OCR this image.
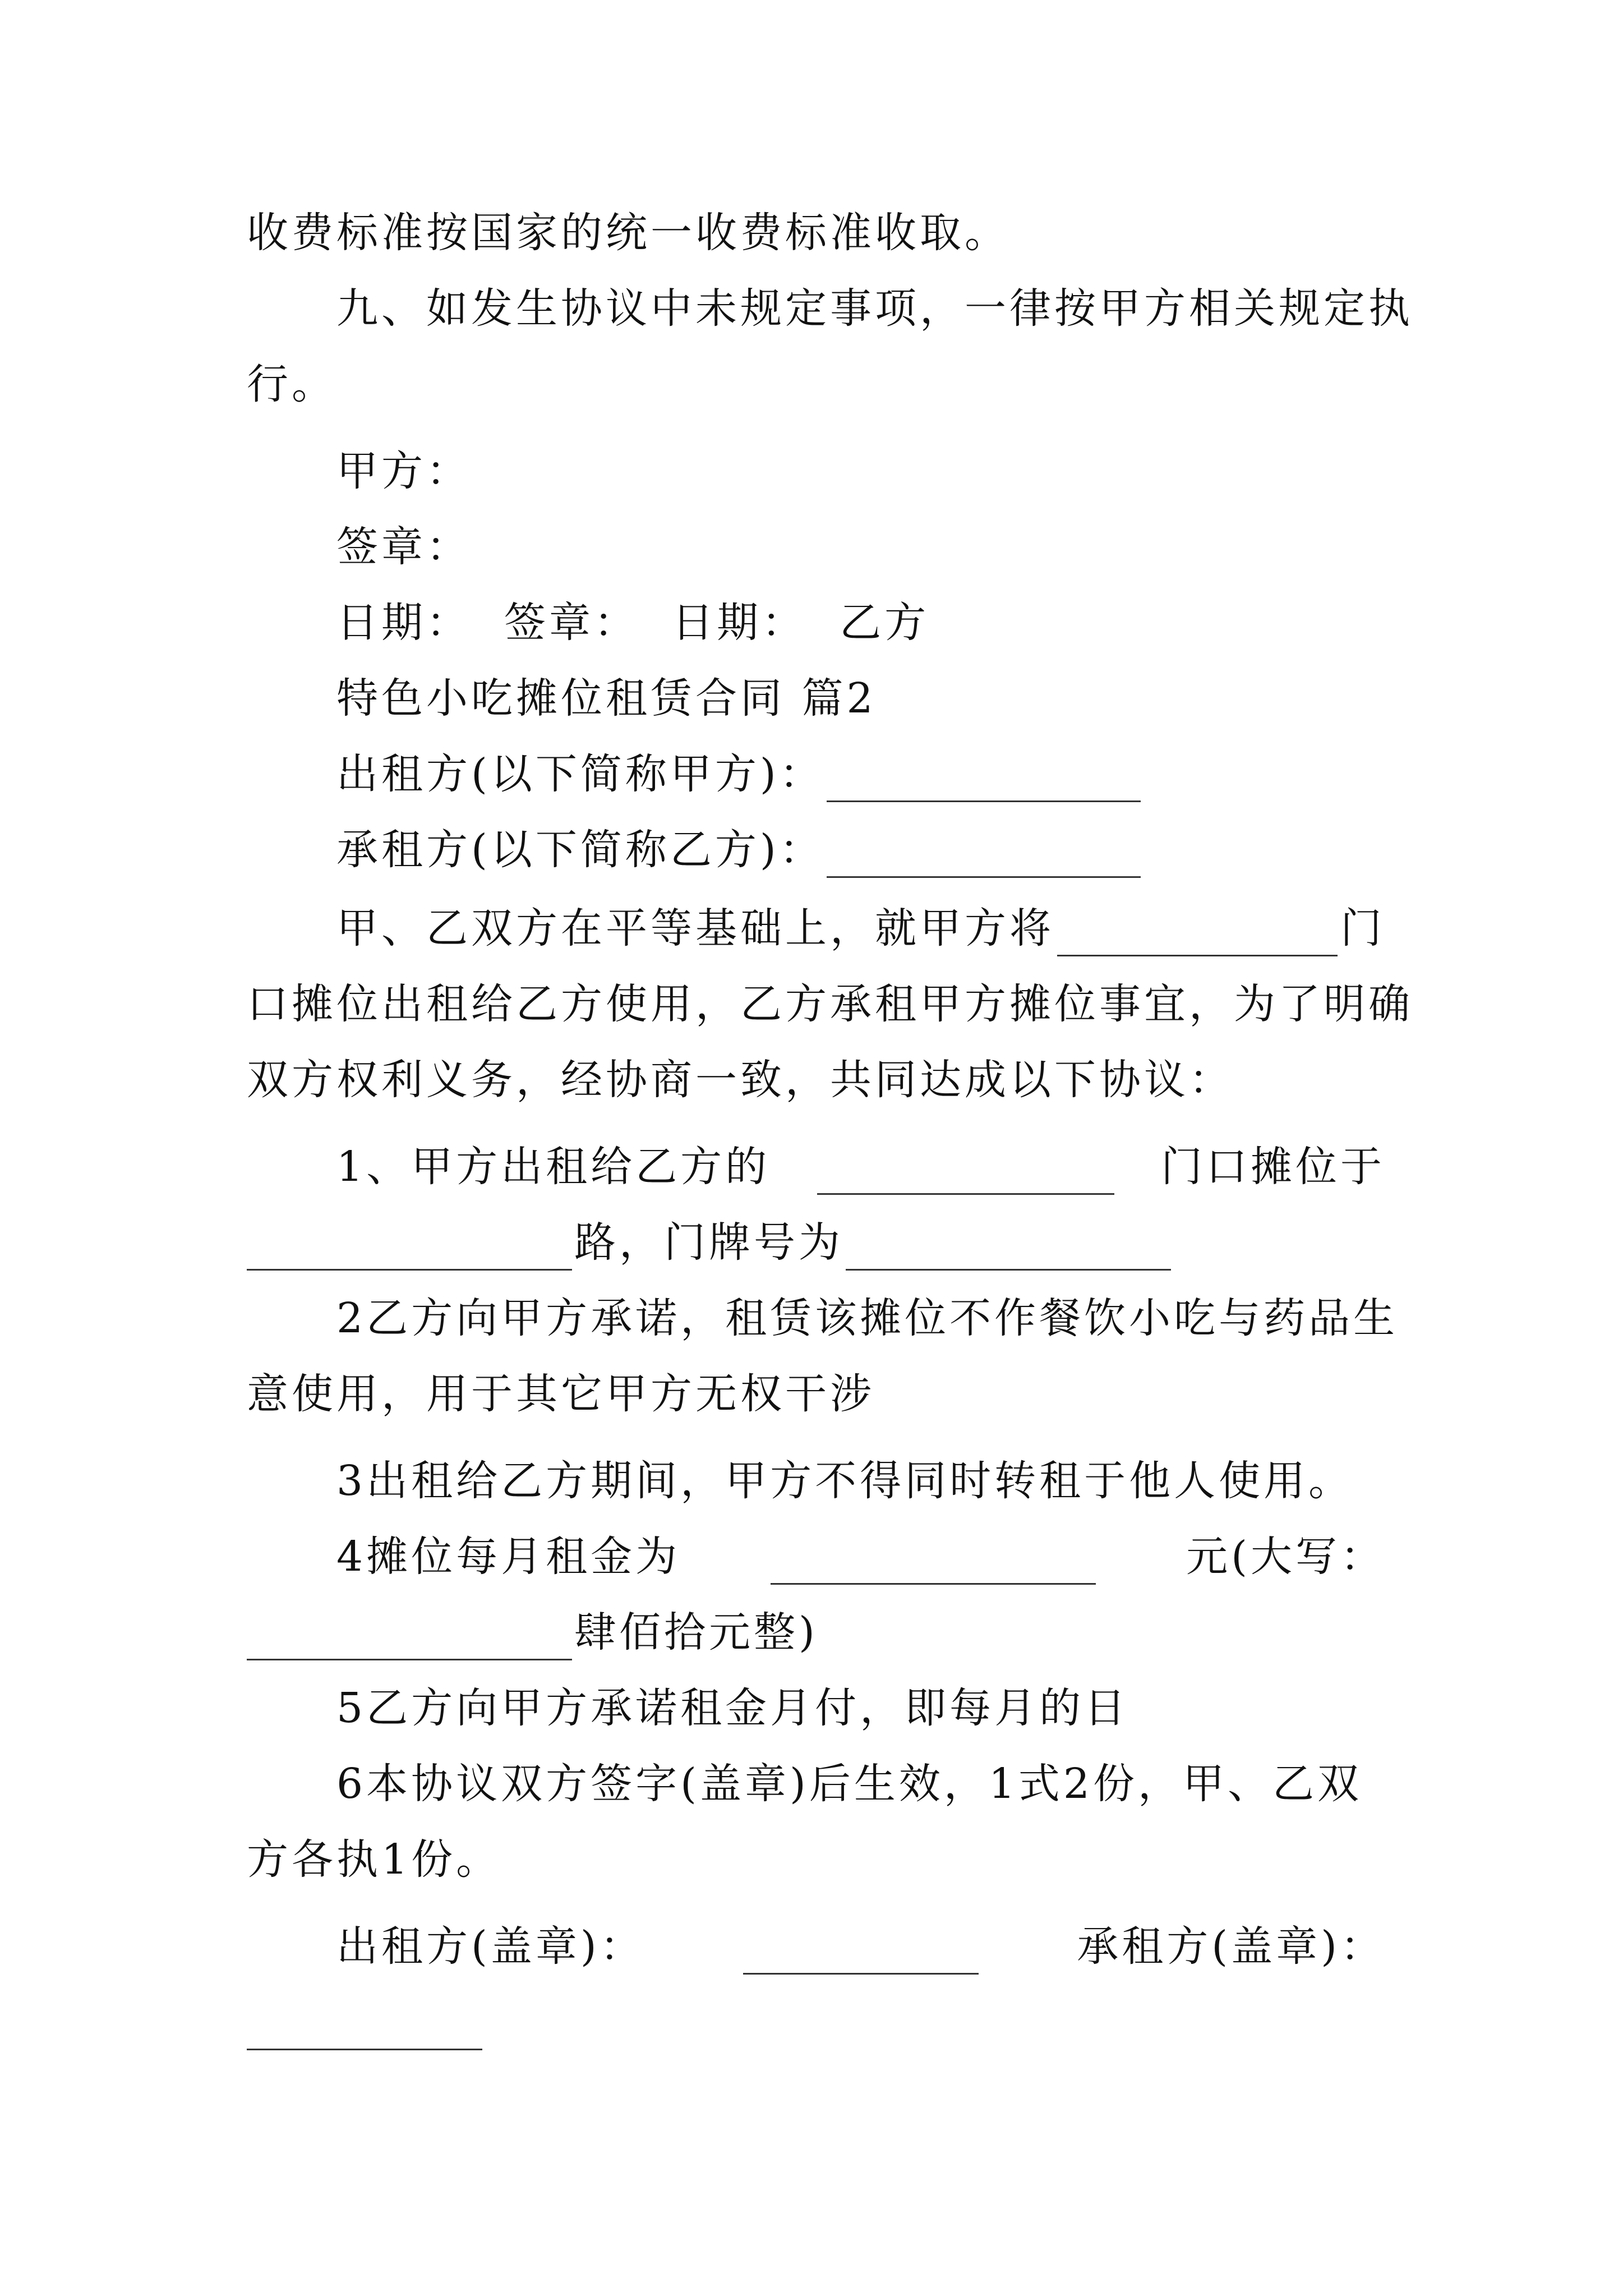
收费标准按国家的统一收费标准收取。
九、如发生协议中未规定事项，一律按甲方相关规定执
行。
甲方：
签章：
日期：  签章：  日期：  乙方
特色小吃摊位租赁合同 篇2
出租方(以下简称甲方)：
承租方(以下简称乙方)：
甲、乙双方在平等基础上，就甲方将	门
口摊位出租给乙方使用，乙方承租甲方摊位事宜，为了明确
双方权利义务，经协商一致，共同达成以下协议：
1、甲方出租给乙方的	门口摊位于
路，门牌号为
2乙方向甲方承诺，租赁该摊位不作餐饮小吃与药品生
意使用，用于其它甲方无权干涉
3出租给乙方期间，甲方不得同时转租于他人使用。
4摊位每月租金为	元(大写：
肆佰拾元整)
5乙方向甲方承诺租金月付，即每月的日
6本协议双方签字(盖章)后生效，1式2份，甲、乙双
方各执1份。
出租方(盖章)：	承租方(盖章)：
